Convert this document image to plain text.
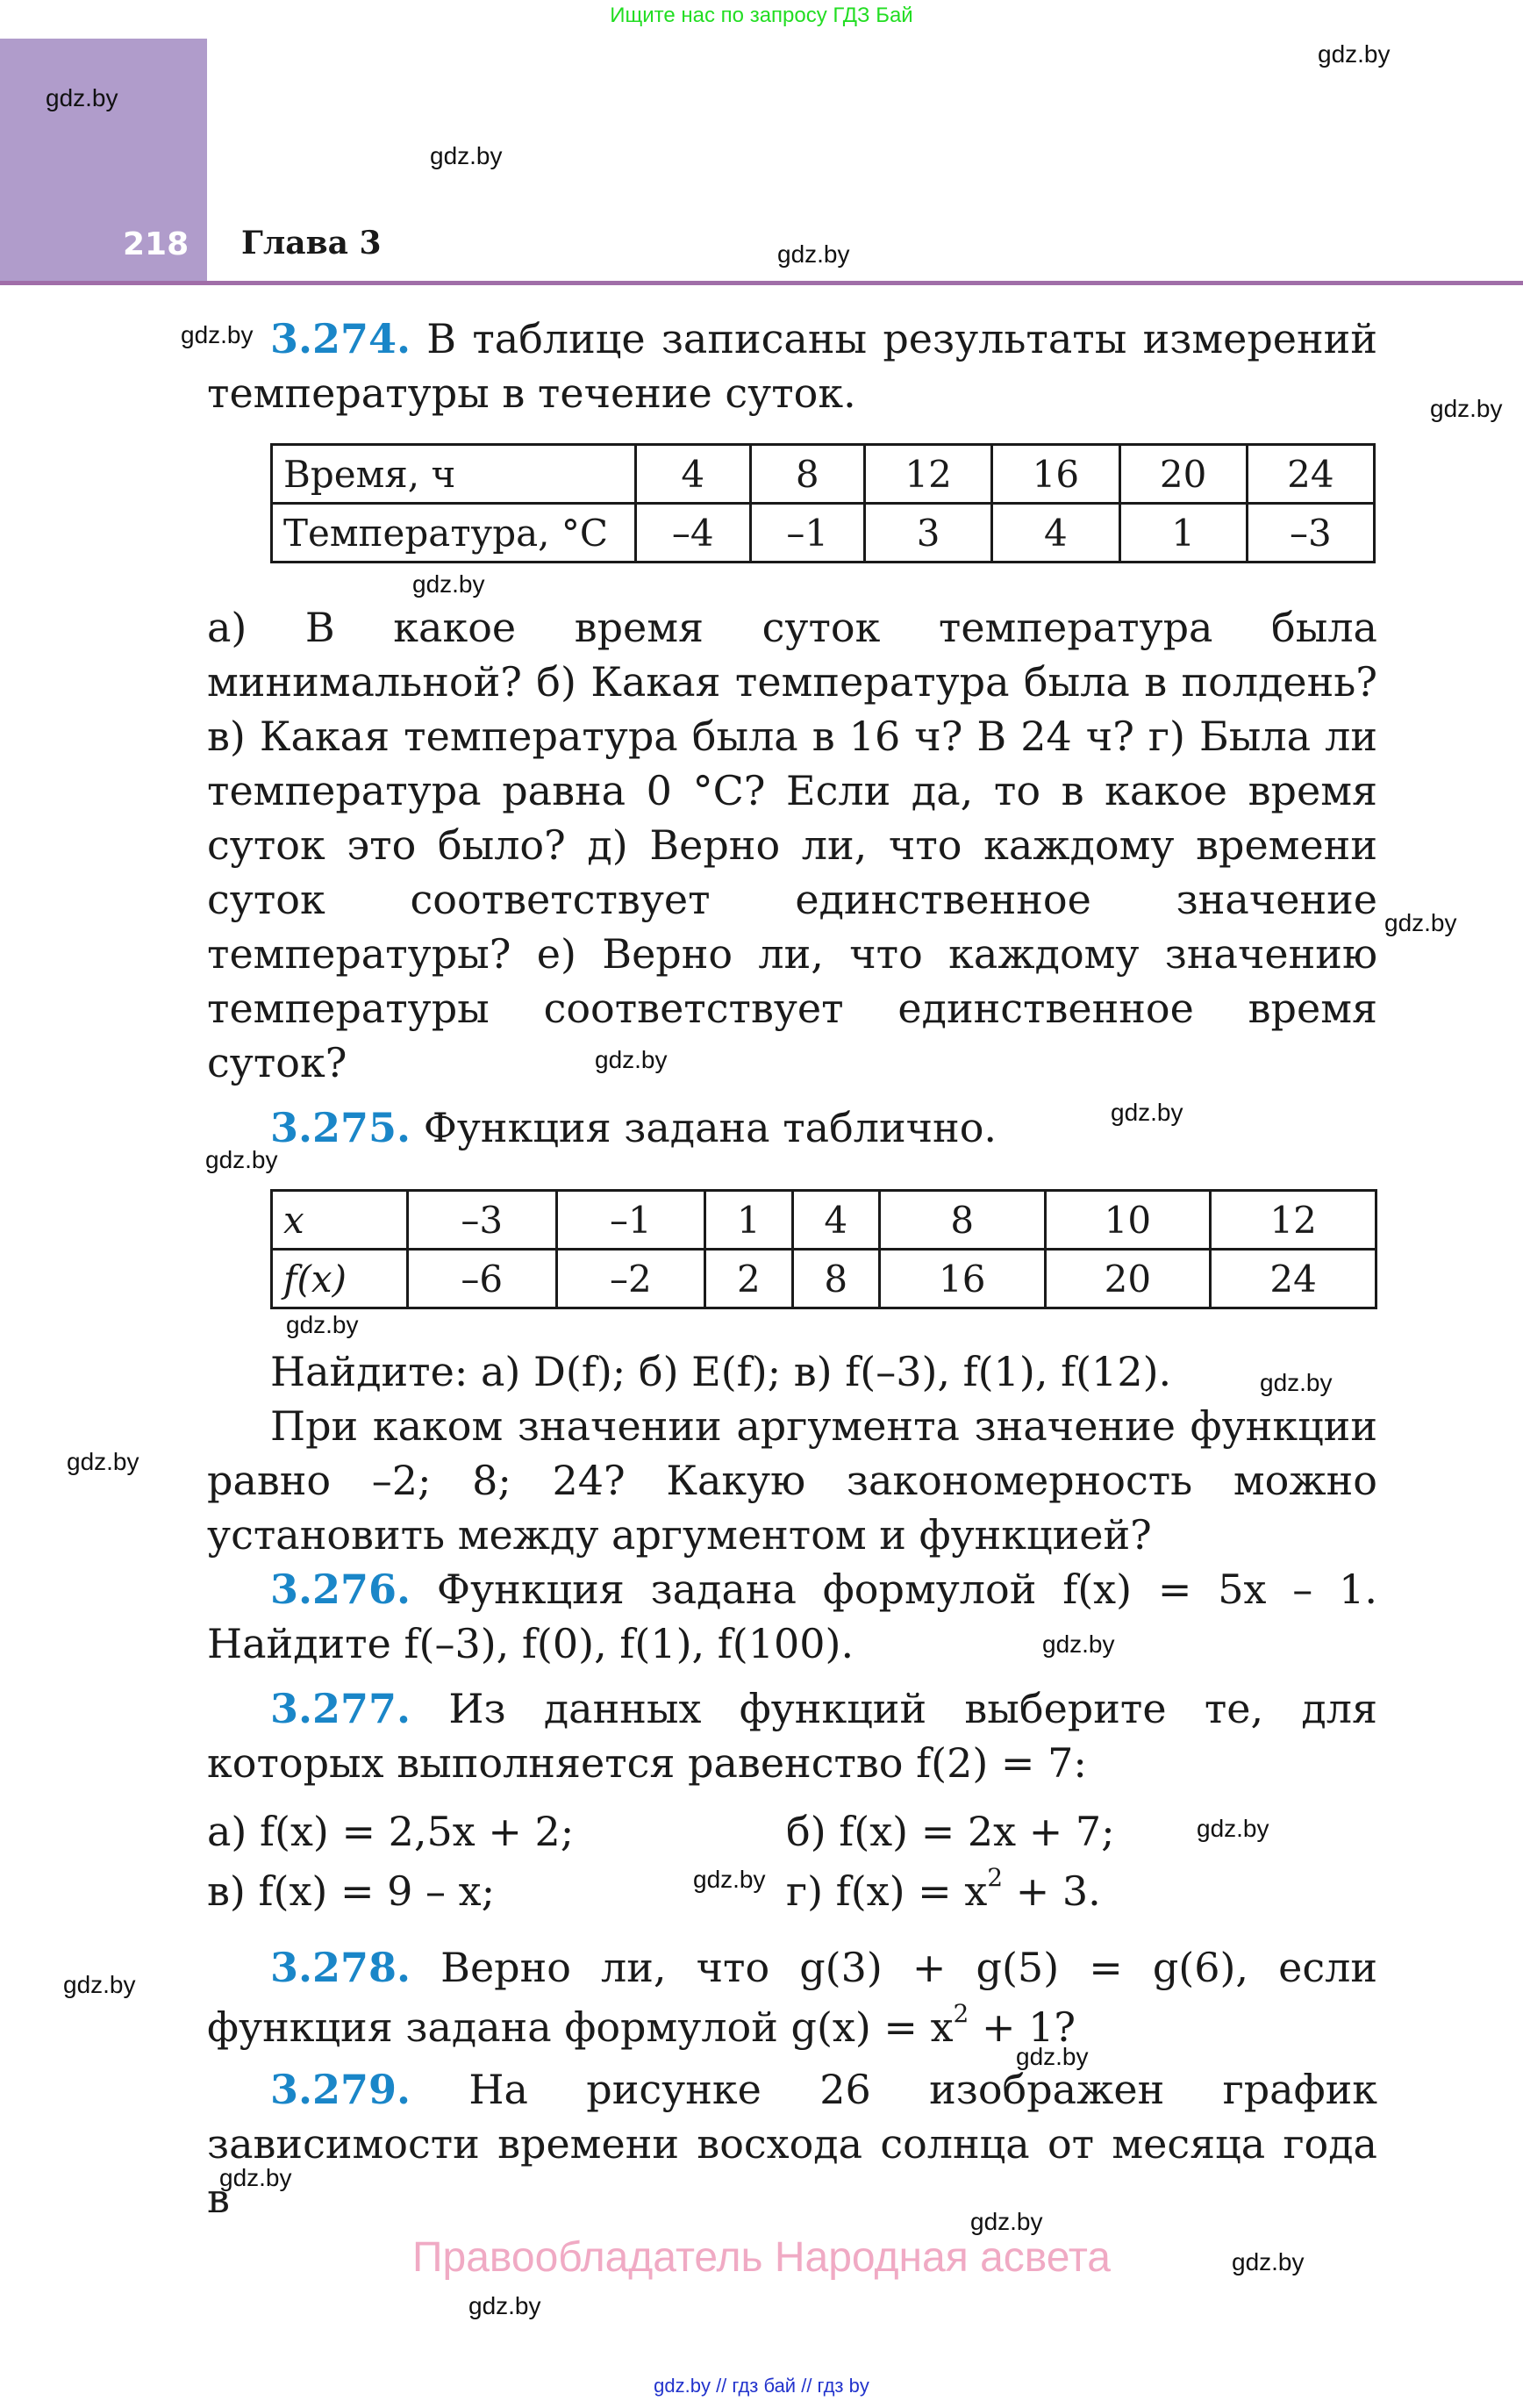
Ищите нас по запросу ГДЗ Бай
218 Глава 3
gdz.by
gdz.by
gdz.by
gdz.by
gdz.by
gdz.by
gdz.by
gdz.by
gdz.by
gdz.by
gdz.by
gdz.by
gdz.by
gdz.by
gdz.by
gdz.by
gdz.by
gdz.by
gdz.by
gdz.by
gdz.by
gdz.by
gdz.by 3.274. В таблице записаны результаты измерений температуры в течение суток.
Время, ч	4	8	12	16	20	24
Температура, °С	–4	–1	3	4	1	–3
а) В какое время суток температура была минимальной? б) Какая температура была в полдень? в) Какая температура была в 16 ч? В 24 ч? г) Была ли температура равна 0 °С? Если да, то в какое время суток это было? д) Верно ли, что каждому времени суток соответствует единственное значение температуры? е) Верно ли, что каждому значению температуры соответствует единственное время суток?
3.275. Функция задана таблично.
x	–3	–1	1	4	8	10	12
f(x)	–6	–2	2	8	16	20	24
Найдите: а) D(f); б) E(f); в) f(–3), f(1), f(12).
При каком значении аргумента значение функции равно –2; 8; 24? Какую закономерность можно установить между аргументом и функцией?
3.276. Функция задана формулой f(x) = 5x – 1. Найдите f(–3), f(0), f(1), f(100).
3.277. Из данных функций выберите те, для которых выполняется равенство f(2) = 7:
а) f(x) = 2,5x + 2;	б) f(x) = 2x + 7;
в) f(x) = 9 – x;	г) $f(x) = x^2 + 3$.
3.278. Верно ли, что g(3) + g(5) = g(6), если функция задана формулой $g(x) = x^2 + 1$?
3.279. На рисунке 26 изображен график зависимости времени восхода солнца от месяца года в
Правообладатель Народная асвета
gdz.by // гдз бай // гдз by
